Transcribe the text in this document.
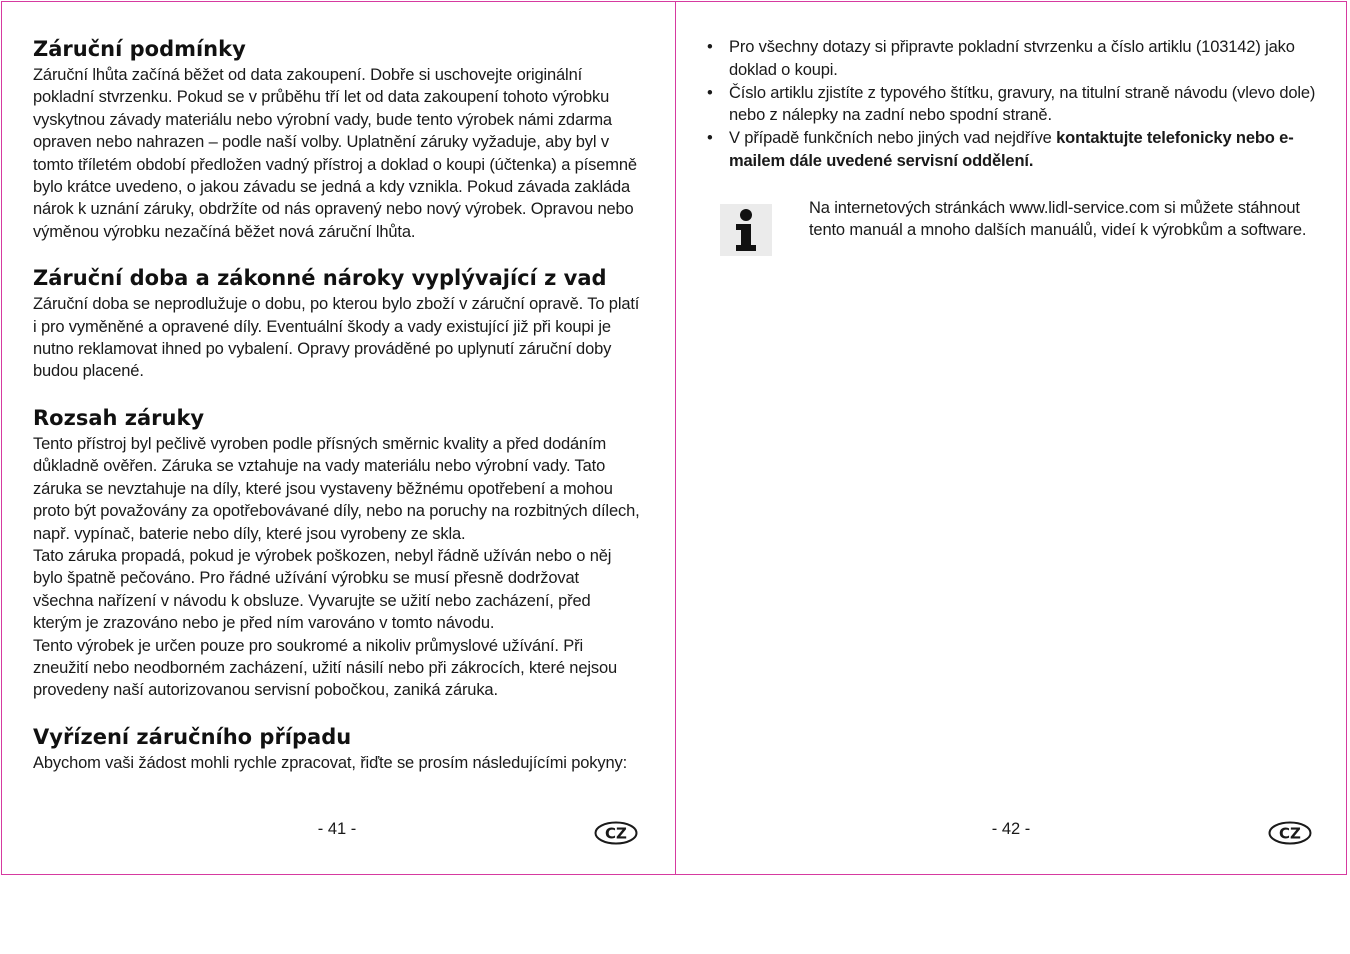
Záruční podmínky

Záruční lhůta začíná běžet od data zakoupení. Dobře si uschovejte originální pokladní stvrzenku. Pokud se v průběhu tří let od data zakoupení tohoto výrobku vyskytnou závady materiálu nebo výrobní vady, bude tento výrobek námi zdarma opraven nebo nahrazen – podle naší volby. Uplatnění záruky vyžaduje, aby byl v tomto tříletém období předložen vadný přístroj a doklad o koupi (účtenka) a písemně bylo krátce uvedeno, o jakou závadu se jedná a kdy vznikla. Pokud závada zakláda nárok k uznání záruky, obdržíte od nás opravený nebo nový výrobek. Opravou nebo výměnou výrobku nezačíná běžet nová záruční lhůta.

Záruční doba a zákonné nároky vyplývající z vad

Záruční doba se neprodlužuje o dobu, po kterou bylo zboží v záruční opravě. To platí i pro vyměněné a opravené díly. Eventuální škody a vady existující již při koupi je nutno reklamovat ihned po vybalení. Opravy prováděné po uplynutí záruční doby budou placené.

Rozsah záruky

Tento přístroj byl pečlivě vyroben podle přísných směrnic kvality a před dodáním důkladně ověřen. Záruka se vztahuje na vady materiálu nebo výrobní vady. Tato záruka se nevztahuje na díly, které jsou vystaveny běžnému opotřebení a mohou proto být považovány za opotřebovávané díly, nebo na poruchy na rozbitných dílech, např. vypínač, baterie nebo díly, které jsou vyrobeny ze skla.

Tato záruka propadá, pokud je výrobek poškozen, nebyl řádně užíván nebo o něj bylo špatně pečováno. Pro řádné užívání výrobku se musí přesně dodržovat všechna nařízení v návodu k obsluze. Vyvarujte se užití nebo zacházení, před kterým je zrazováno nebo je před ním varováno v tomto návodu.

Tento výrobek je určen pouze pro soukromé a nikoliv průmyslové užívání. Při zneužití nebo neodborném zacházení, užití násilí nebo při zákrocích, které nejsou provedeny naší autorizovanou servisní pobočkou, zaniká záruka.

Vyřízení záručního případu

Abychom vaši žádost mohli rychle zpracovat, řiďte se prosím následujícími pokyny:

- 41 -	CZ
• Pro všechny dotazy si připravte pokladní stvrzenku a číslo artiklu (103142) jako doklad o koupi.
• Číslo artiklu zjistíte z typového štítku, gravury, na titulní straně návodu (vlevo dole) nebo z nálepky na zadní nebo spodní straně.
• V případě funkčních nebo jiných vad nejdříve kontaktujte telefonicky nebo e-mailem dále uvedené servisní oddělení.

Na internetových stránkách www.lidl-service.com si můžete stáhnout tento manuál a mnoho dalších manuálů, videí k výrobkům a software.

- 42 -	CZ
